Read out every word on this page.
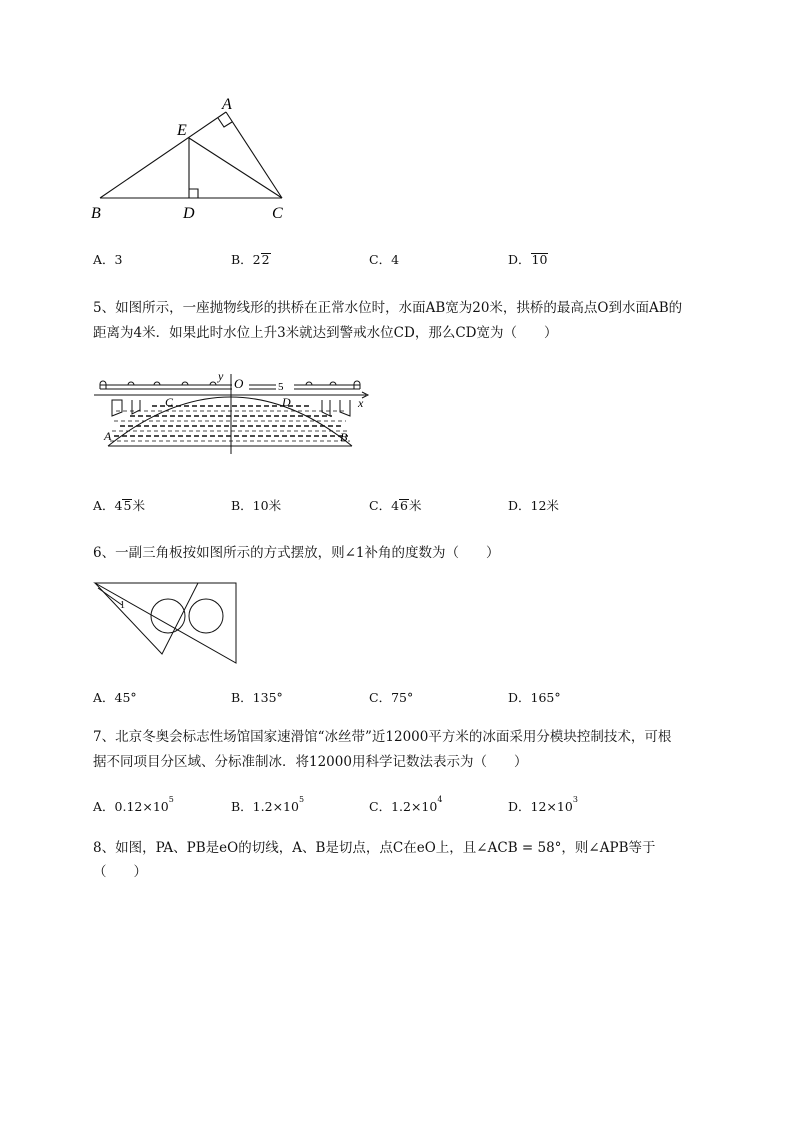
A
E
B	D	C
A．3	B．22	C．4	D．10
5、如图所示，一座抛物线形的拱桥在正常水位时，水面AB宽为20米，拱桥的最高点O到水面AB的
距离为4米．如果此时水位上升3米就达到警戒水位CD，那么CD宽为（　　）
y O	5
C	D	x
A	B
A．45米	B．10米	C．46米	D．12米
6、一副三角板按如图所示的方式摆放，则∠1补角的度数为（　　）
1
A．45°	B．135°	C．75°	D．165°
7、北京冬奥会标志性场馆国家速滑馆“冰丝带”近12000平方米的冰面采用分模块控制技术，可根
据不同项目分区域、分标准制冰．将12000用科学记数法表示为（　　）
A．$0.12\times 10^5$	B．$1.2\times 10^5$	C．$1.2\times 10^4$	D．$12\times 10^3$
8、如图，PA、PB是eO的切线，A、B是切点，点C在eO上，且∠ACB = 58°，则∠APB等于
（　　）
